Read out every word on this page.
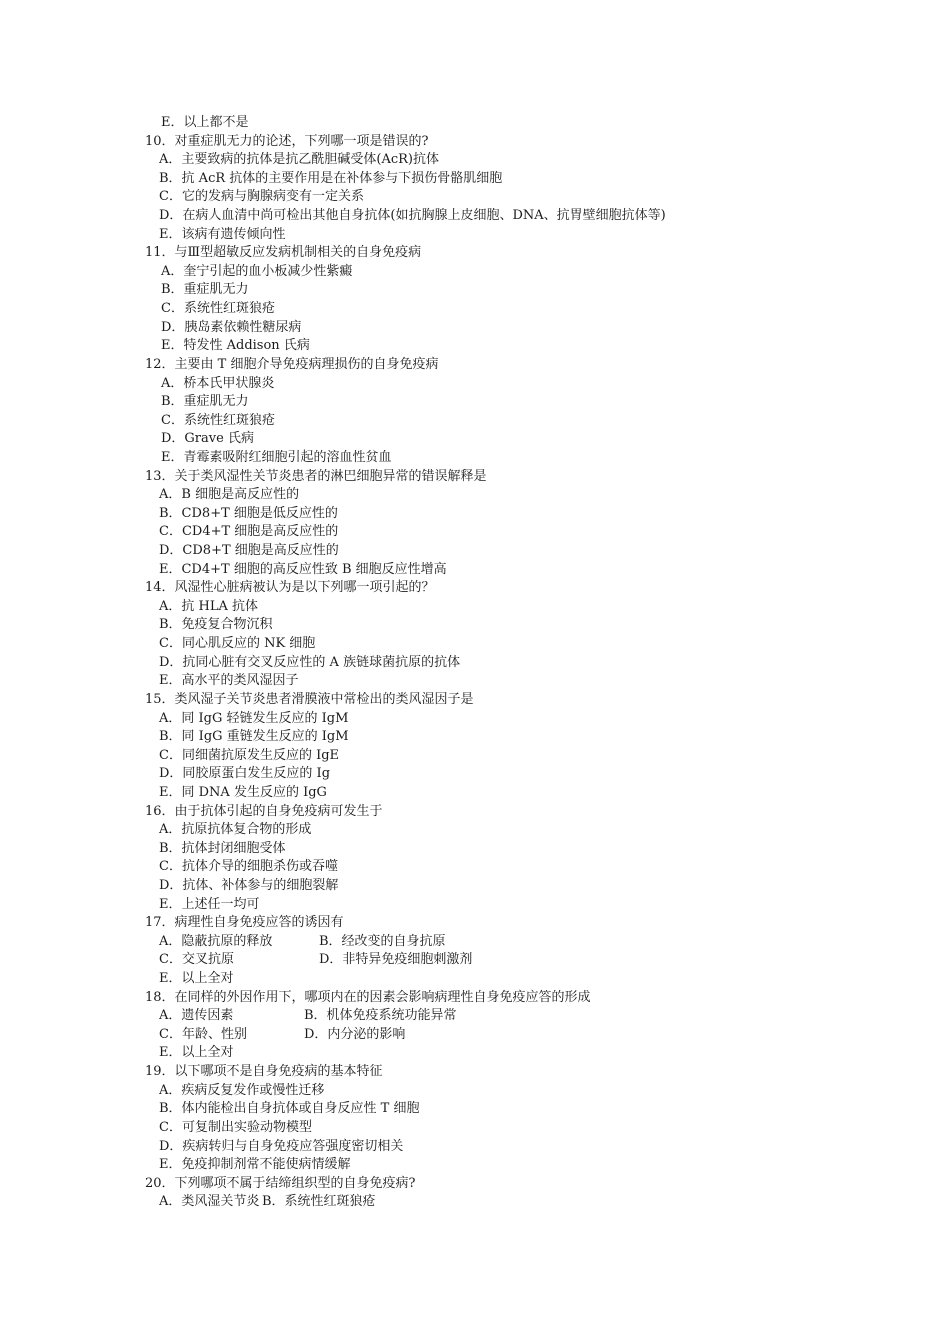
E．以上都不是
10．对重症肌无力的论述，下列哪一项是错误的?
A．主要致病的抗体是抗乙酰胆碱受体(AcR)抗体
B．抗 AcR 抗体的主要作用是在补体参与下损伤骨骼肌细胞
C．它的发病与胸腺病变有一定关系
D．在病人血清中尚可检出其他自身抗体(如抗胸腺上皮细胞、DNA、抗胃壁细胞抗体等)
E．该病有遗传倾向性
11．与Ⅲ型超敏反应发病机制相关的自身免疫病
A．奎宁引起的血小板减少性紫癜
B．重症肌无力
C．系统性红斑狼疮
D．胰岛素依赖性糖尿病
E．特发性 Addison 氏病
12．主要由 T 细胞介导免疫病理损伤的自身免疫病
A．桥本氏甲状腺炎
B．重症肌无力
C．系统性红斑狼疮
D．Grave 氏病
E．青霉素吸附红细胞引起的溶血性贫血
13．关于类风湿性关节炎患者的淋巴细胞异常的错误解释是
A．B 细胞是高反应性的
B．CD8+T 细胞是低反应性的
C．CD4+T 细胞是高反应性的
D．CD8+T 细胞是高反应性的
E．CD4+T 细胞的高反应性致 B 细胞反应性增高
14．风湿性心脏病被认为是以下列哪一项引起的？
A．抗 HLA 抗体
B．免疫复合物沉积
C．同心肌反应的 NK 细胞
D．抗同心脏有交叉反应性的 A 族链球菌抗原的抗体
E．高水平的类风湿因子
15．类风湿子关节炎患者滑膜液中常检出的类风湿因子是
A．同 IgG 轻链发生反应的 IgM
B．同 IgG 重链发生反应的 IgM
C．同细菌抗原发生反应的 IgE
D．同胶原蛋白发生反应的 Ig
E．同 DNA 发生反应的 IgG
16．由于抗体引起的自身免疫病可发生于
A．抗原抗体复合物的形成
B．抗体封闭细胞受体
C．抗体介导的细胞杀伤或吞噬
D．抗体、补体参与的细胞裂解
E．上述任一均可
17．病理性自身免疫应答的诱因有
A．隐蔽抗原的释放	B．经改变的自身抗原
C．交叉抗原	D．非特异免疫细胞刺激剂
E．以上全对
18．在同样的外因作用下，哪项内在的因素会影响病理性自身免疫应答的形成
A．遗传因素	B．机体免疫系统功能异常
C．年龄、性别	D．内分泌的影响
E．以上全对
19．以下哪项不是自身免疫病的基本特征
A．疾病反复发作或慢性迁移
B．体内能检出自身抗体或自身反应性 T 细胞
C．可复制出实验动物模型
D．疾病转归与自身免疫应答强度密切相关
E．免疫抑制剂常不能使病情缓解
20．下列哪项不属于结缔组织型的自身免疫病?
A．类风湿关节炎 B．系统性红斑狼疮
